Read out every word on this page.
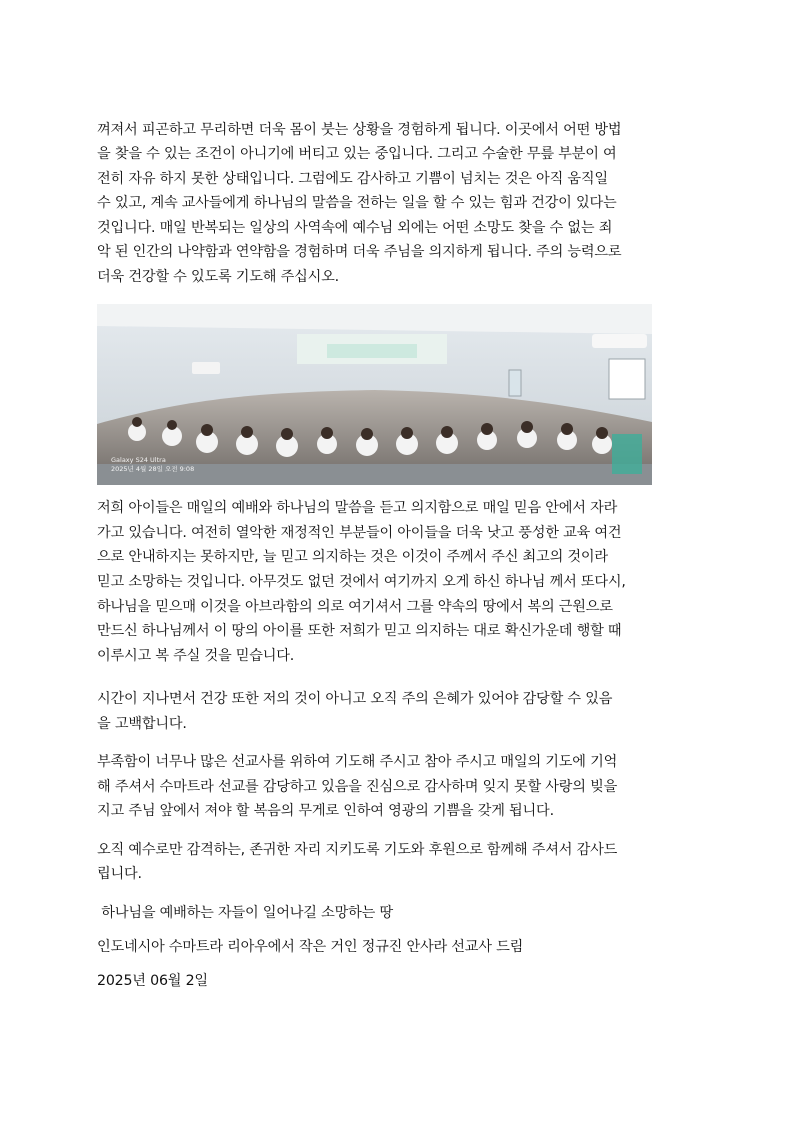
껴져서 피곤하고 무리하면 더욱 몸이 붓는 상황을 경험하게 됩니다. 이곳에서 어떤 방법
을 찾을 수 있는 조건이 아니기에 버티고 있는 중입니다. 그리고 수술한 무릎 부분이 여
전히 자유 하지 못한 상태입니다. 그럼에도 감사하고 기쁨이 넘치는 것은 아직 움직일
수 있고, 계속 교사들에게 하나님의 말씀을 전하는 일을 할 수 있는 힘과 건강이 있다는
것입니다. 매일 반복되는 일상의 사역속에 예수님 외에는 어떤 소망도 찾을 수 없는 죄
악 된 인간의 나약함과 연약함을 경험하며 더욱 주님을 의지하게 됩니다. 주의 능력으로
더욱 건강할 수 있도록 기도해 주십시오.
Galaxy S24 Ultra
2025년 4월 28일 오전 9:08
저희 아이들은 매일의 예배와 하나님의 말씀을 듣고 의지함으로 매일 믿음 안에서 자라
가고 있습니다. 여전히 열악한 재정적인 부분들이 아이들을 더욱 낫고 풍성한 교육 여건
으로 안내하지는 못하지만, 늘 믿고 의지하는 것은 이것이 주께서 주신 최고의 것이라
믿고 소망하는 것입니다. 아무것도 없던 것에서 여기까지 오게 하신 하나님 께서 또다시,
하나님을 믿으매 이것을 아브라함의 의로 여기셔서 그를 약속의 땅에서 복의 근원으로
만드신 하나님께서 이 땅의 아이를 또한 저희가 믿고 의지하는 대로 확신가운데 행할 때
이루시고 복 주실 것을 믿습니다.
시간이 지나면서 건강 또한 저의 것이 아니고 오직 주의 은혜가 있어야 감당할 수 있음
을 고백합니다.
부족함이 너무나 많은 선교사를 위하여 기도해 주시고 참아 주시고 매일의 기도에 기억
해 주셔서 수마트라 선교를 감당하고 있음을 진심으로 감사하며 잊지 못할 사랑의 빚을
지고 주님 앞에서 져야 할 복음의 무게로 인하여 영광의 기쁨을 갖게 됩니다.
오직 예수로만 감격하는, 존귀한 자리 지키도록 기도와 후원으로 함께해 주셔서 감사드
립니다.
하나님을 예배하는 자들이 일어나길 소망하는 땅
인도네시아 수마트라 리아우에서 작은 거인 정규진 안사라 선교사 드림
2025년 06월 2일
